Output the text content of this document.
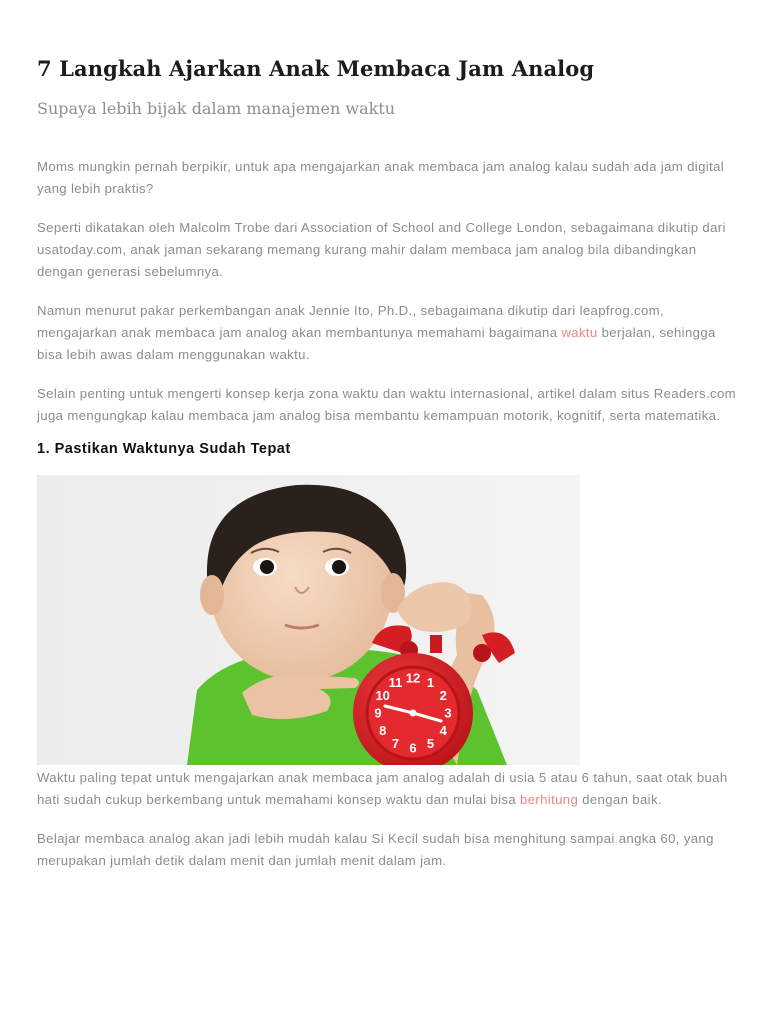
7 Langkah Ajarkan Anak Membaca Jam Analog
Supaya lebih bijak dalam manajemen waktu

Moms mungkin pernah berpikir, untuk apa mengajarkan anak membaca jam analog kalau sudah ada jam digital yang lebih praktis?

Seperti dikatakan oleh Malcolm Trobe dari Association of School and College London, sebagaimana dikutip dari usatoday.com, anak jaman sekarang memang kurang mahir dalam membaca jam analog bila dibandingkan dengan generasi sebelumnya.

Namun menurut pakar perkembangan anak Jennie Ito, Ph.D., sebagaimana dikutip dari leapfrog.com, mengajarkan anak membaca jam analog akan membantunya memahami bagaimana waktu berjalan, sehingga bisa lebih awas dalam menggunakan waktu.

Selain penting untuk mengerti konsep kerja zona waktu dan waktu internasional, artikel dalam situs Readers.com juga mengungkap kalau membaca jam analog bisa membantu kemampuan motorik, kognitif, serta matematika.

1. Pastikan Waktunya Sudah Tepat
12 1
2
3
4
5
6
7
8
9
10
11

Waktu paling tepat untuk mengajarkan anak membaca jam analog adalah di usia 5 atau 6 tahun, saat otak buah hati sudah cukup berkembang untuk memahami konsep waktu dan mulai bisa berhitung dengan baik.

Belajar membaca analog akan jadi lebih mudah kalau Si Kecil sudah bisa menghitung sampai angka 60, yang merupakan jumlah detik dalam menit dan jumlah menit dalam jam.
